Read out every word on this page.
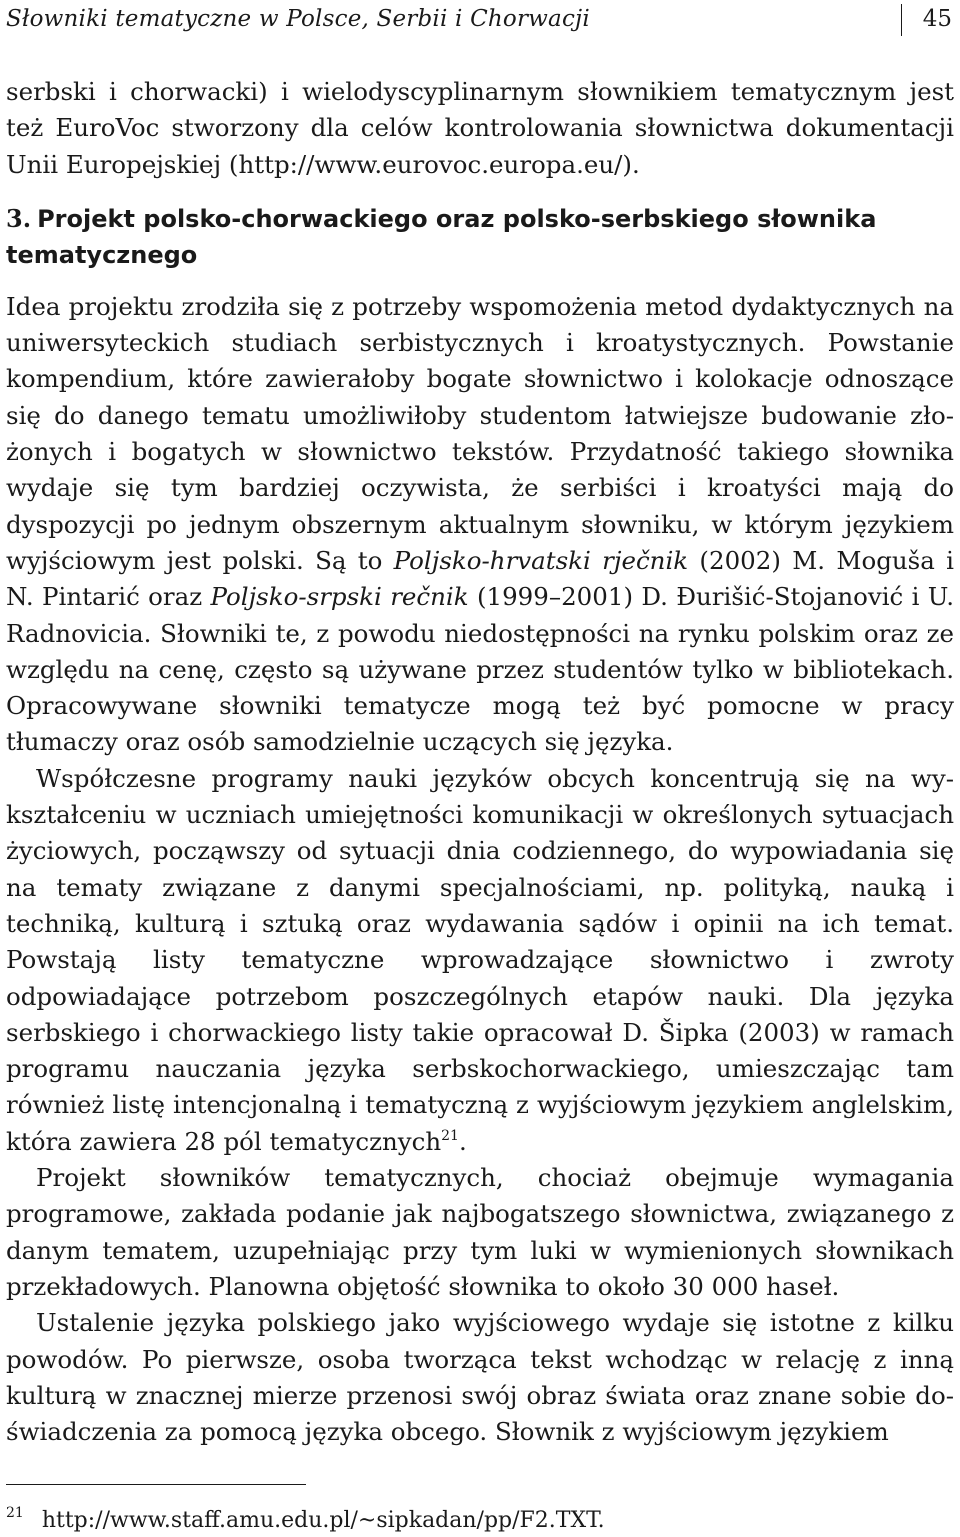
Słowniki tematyczne w Polsce, Serbii i Chorwacji	45

serbski i chorwacki) i wielodyscyplinarnym słownikiem tematycznym jest też EuroVoc stworzony dla celów kontrolowania słownictwa dokumentacji Unii Europejskiej (http://www.eurovoc.europa.eu/).

3. Projekt polsko-chorwackiego oraz polsko-serbskiego słownika tematycznego

Idea projektu zrodziła się z potrzeby wspomożenia metod dydaktycznych na uniwersyteckich studiach serbistycznych i kroatystycznych. Powstanie kompendium, które zawierałoby bogate słownictwo i kolokacje odnoszące się do danego tematu umożliwiłoby studentom łatwiejsze budowanie złożonych i bogatych w słownictwo tekstów. Przydatność takiego słownika wydaje się tym bardziej oczywista, że serbiści i kroatyści mają do dyspozycji po jednym obszernym aktualnym słowniku, w którym językiem wyjściowym jest polski. Są to Poljsko-hrvatski rječnik (2002) M. Moguša i N. Pintarić oraz Poljsko-srpski rečnik (1999–2001) D. Đurišić-Stojanović i U. Radnovicia. Słowniki te, z powodu niedostępności na rynku polskim oraz ze względu na cenę, często są używane przez studentów tylko w bibliotekach. Opracowywane słowniki tematycze mogą też być pomocne w pracy tłumaczy oraz osób samodzielnie uczących się języka.

Współczesne programy nauki języków obcych koncentrują się na wykształceniu w uczniach umiejętności komunikacji w określonych sytuacjach życiowych, począwszy od sytuacji dnia codziennego, do wypowiadania się na tematy związane z danymi specjalnościami, np. polityką, nauką i techniką, kulturą i sztuką oraz wydawania sądów i opinii na ich temat. Powstają listy tematyczne wprowadzające słownictwo i zwroty odpowiadające potrzebom poszczególnych etapów nauki. Dla języka serbskiego i chorwackiego listy takie opracował D. Šipka (2003) w ramach programu nauczania języka serbskochorwackiego, umieszczając tam również listę intencjonalną i tematyczną z wyjściowym językiem anglelskim, która zawiera 28 pól tematycznych$^{21}$.

Projekt słowników tematycznych, chociaż obejmuje wymagania programowe, zakłada podanie jak najbogatszego słownictwa, związanego z danym tematem, uzupełniając przy tym luki w wymienionych słownikach przekładowych. Planowna objętość słownika to około 30 000 haseł.

Ustalenie języka polskiego jako wyjściowego wydaje się istotne z kilku powodów. Po pierwsze, osoba tworząca tekst wchodząc w relację z inną kulturą w znacznej mierze przenosi swój obraz świata oraz znane sobie doświadczenia za pomocą języka obcego. Słownik z wyjściowym językiem

$^{21}$ http://www.staff.amu.edu.pl/~sipkadan/pp/F2.TXT.
